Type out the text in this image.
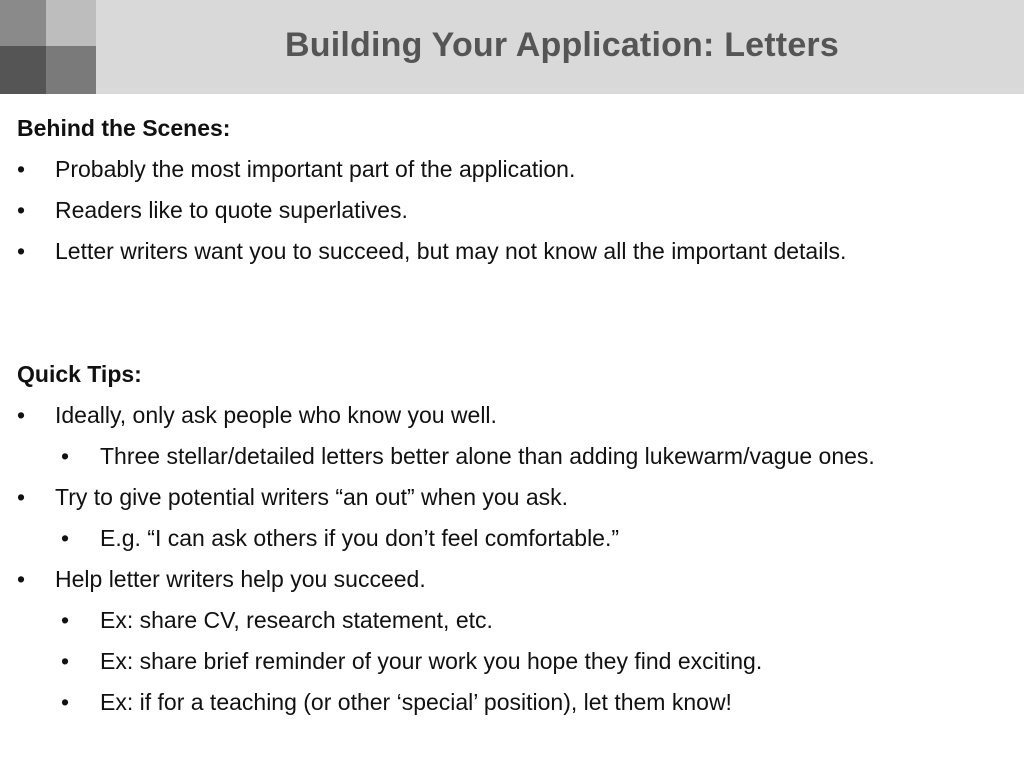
Building Your Application: Letters
Behind the Scenes:
• Probably the most important part of the application.
• Readers like to quote superlatives.
• Letter writers want you to succeed, but may not know all the important details.
Quick Tips:
• Ideally, only ask people who know you well.
• Three stellar/detailed letters better alone than adding lukewarm/vague ones.
• Try to give potential writers “an out” when you ask.
• E.g. “I can ask others if you don’t feel comfortable.”
• Help letter writers help you succeed.
• Ex: share CV, research statement, etc.
• Ex: share brief reminder of your work you hope they find exciting.
• Ex: if for a teaching (or other ‘special’ position), let them know!
